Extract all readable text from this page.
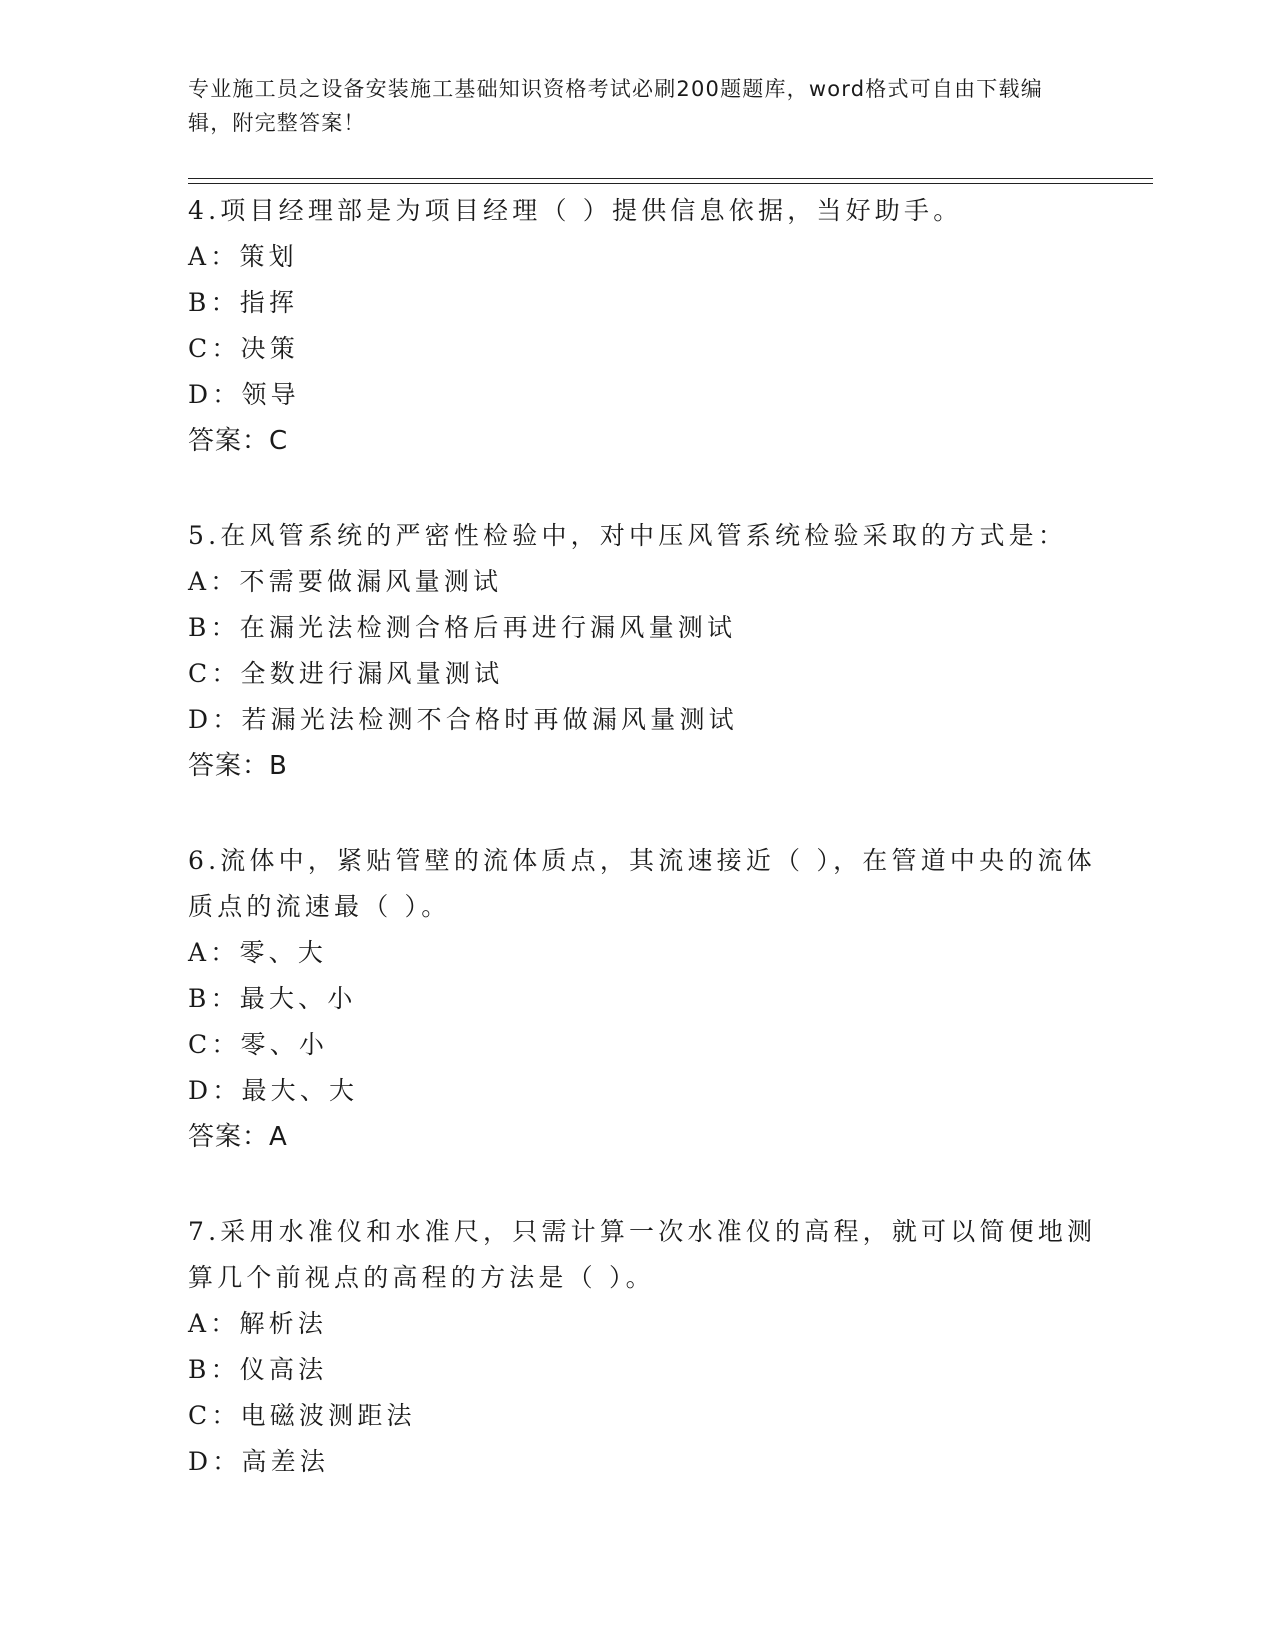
专业施工员之设备安装施工基础知识资格考试必刷200题题库，word格式可自由下载编辑，附完整答案！

4.项目经理部是为项目经理（ ）提供信息依据，当好助手。

A：策划

B：指挥

C：决策

D：领导

答案：C

5.在风管系统的严密性检验中，对中压风管系统检验采取的方式是：

A：不需要做漏风量测试

B：在漏光法检测合格后再进行漏风量测试

C：全数进行漏风量测试

D：若漏光法检测不合格时再做漏风量测试

答案：B

6.流体中，紧贴管壁的流体质点，其流速接近（ ），在管道中央的流体质点的流速最（ ）。

A：零、大

B：最大、小

C：零、小

D：最大、大

答案：A

7.采用水准仪和水准尺，只需计算一次水准仪的高程，就可以简便地测算几个前视点的高程的方法是（ ）。

A：解析法

B：仪高法

C：电磁波测距法

D：高差法
